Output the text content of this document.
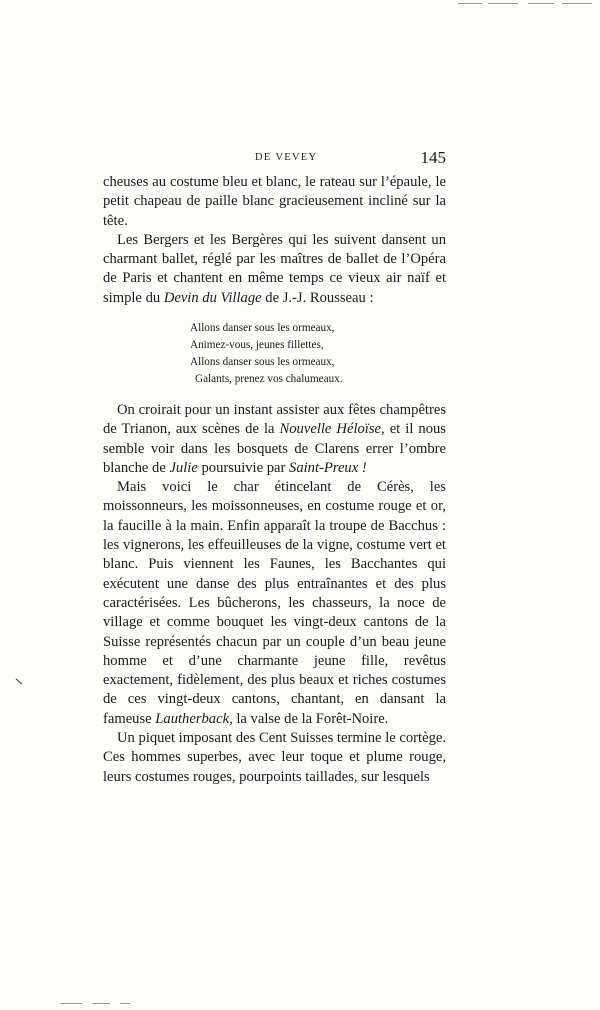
DE VEVEY	145

cheuses au costume bleu et blanc, le rateau sur l’épaule, le petit chapeau de paille blanc gracieusement incliné sur la tête.

Les Bergers et les Bergères qui les suivent dansent un charmant ballet, réglé par les maîtres de ballet de l’Opéra de Paris et chantent en même temps ce vieux air naïf et simple du Devin du Village de J.-J. Rousseau :

Allons danser sous les ormeaux,
Animez-vous, jeunes fillettes,
Allons danser sous les ormeaux,
Galants, prenez vos chalumeaux.

On croirait pour un instant assister aux fêtes champêtres de Trianon, aux scènes de la Nouvelle Héloïse, et il nous semble voir dans les bosquets de Clarens errer l’ombre blanche de Julie poursuivie par Saint-Preux !

Mais voici le char étincelant de Cérès, les moissonneurs, les moissonneuses, en costume rouge et or, la faucille à la main. Enfin apparaît la troupe de Bacchus : les vignerons, les effeuilleuses de la vigne, costume vert et blanc. Puis viennent les Faunes, les Bacchantes qui exécutent une danse des plus entraînantes et des plus caractérisées. Les bûcherons, les chasseurs, la noce de village et comme bouquet les vingt-deux cantons de la Suisse représentés chacun par un couple d’un beau jeune homme et d’une charmante jeune fille, revêtus exactement, fidèlement, des plus beaux et riches costumes de ces vingt-deux cantons, chantant, en dansant la fameuse Lautherback, la valse de la Forêt-Noire.

Un piquet imposant des Cent Suisses termine le cortège. Ces hommes superbes, avec leur toque et plume rouge, leurs costumes rouges, pourpoints taillades, sur lesquels
